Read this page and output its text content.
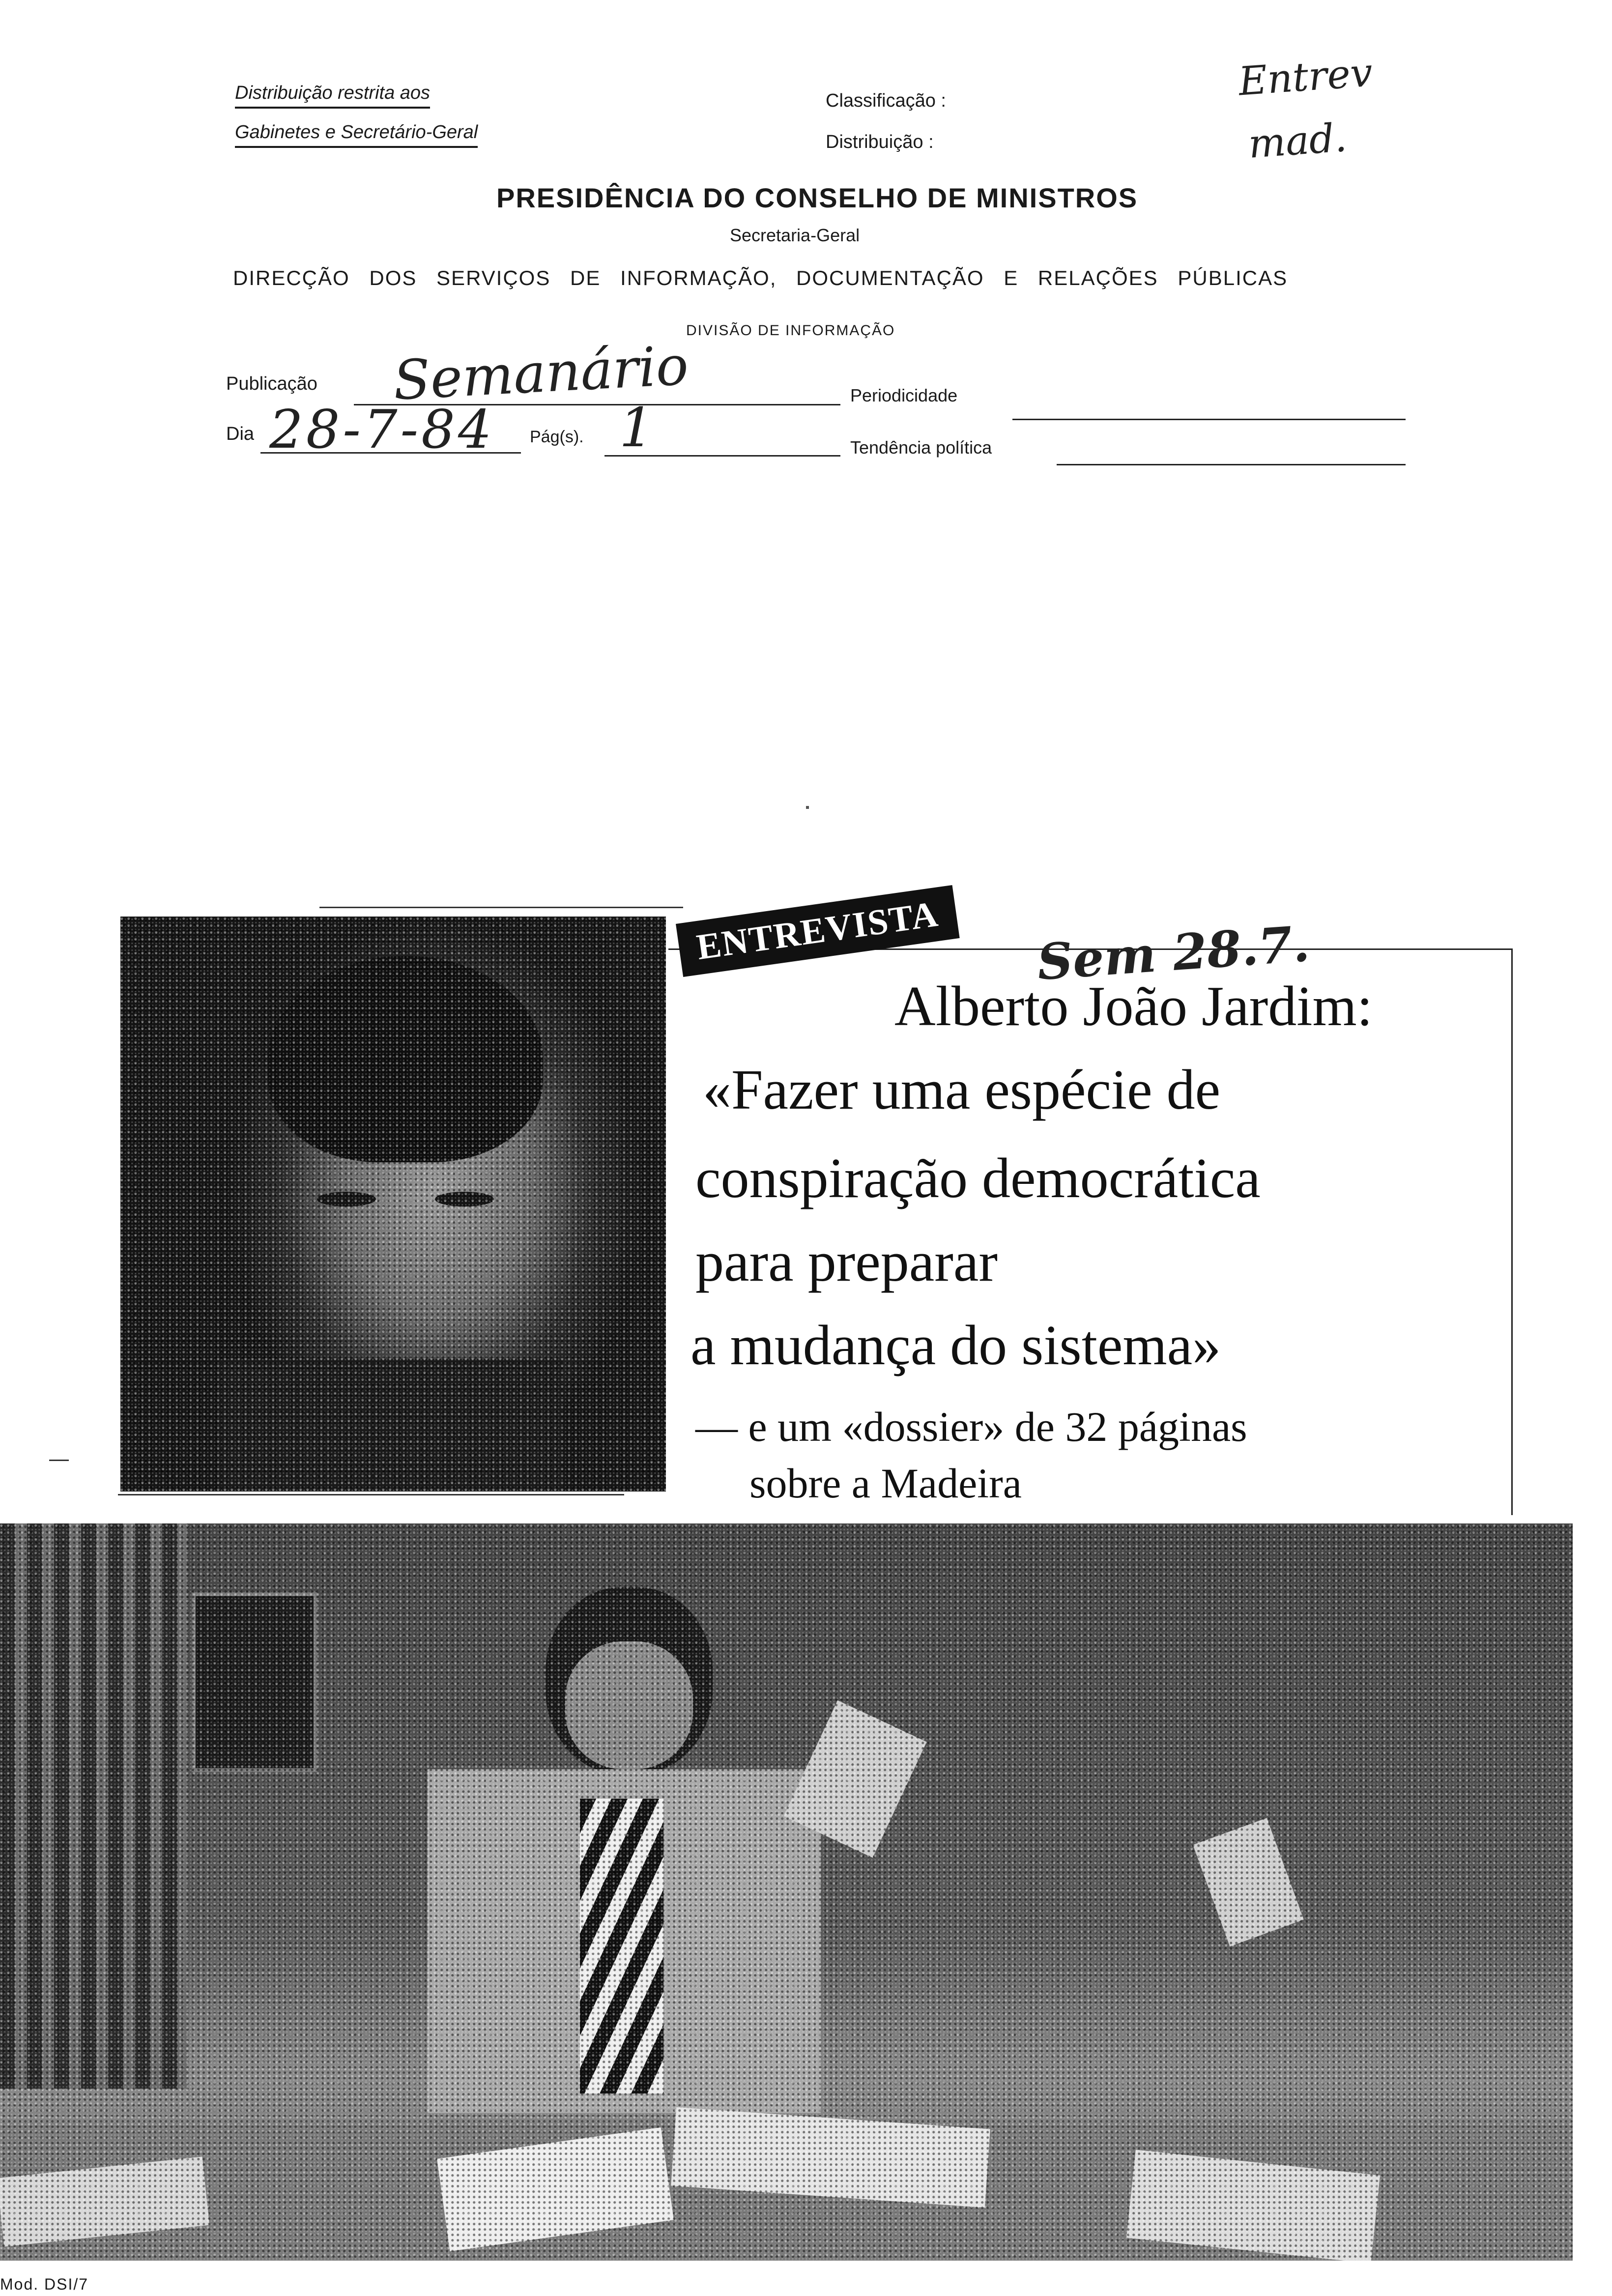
Distribuição restrita aos
Gabinetes e Secretário-Geral
Classificação :
Distribuição :
Entrev
mad.
PRESIDÊNCIA DO CONSELHO DE MINISTROS
Secretaria-Geral
DIRECÇÃO DOS SERVIÇOS DE INFORMAÇÃO, DOCUMENTAÇÃO E RELAÇÕES PÚBLICAS
DIVISÃO DE INFORMAÇÃO
Publicação Semanário	Periodicidade
Dia 28-7-84 Pág(s). 1	Tendência política
ENTREVISTA	Sem 28.7.
Alberto João Jardim:
«Fazer uma espécie de
conspiração democrática
para preparar
a mudança do sistema»
— e um «dossier» de 32 páginas
sobre a Madeira
Mod. DSI/7
